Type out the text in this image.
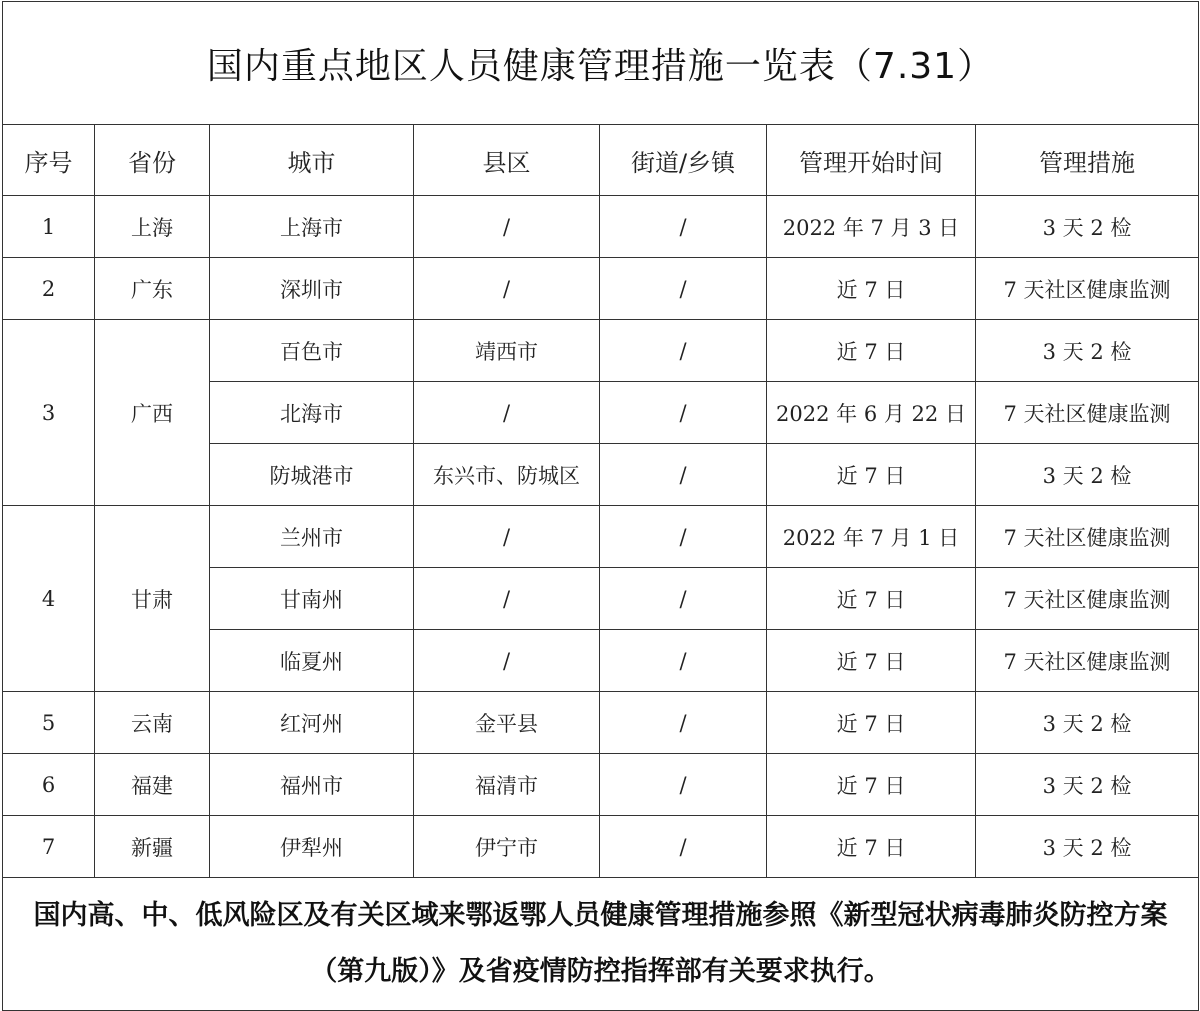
国内重点地区人员健康管理措施一览表（7.31）						
序号	省份	城市	县区	街道/乡镇	管理开始时间	管理措施
1	上海	上海市	/	/	2022 年 7 月 3 日	3 天 2 检
2	广东	深圳市	/	/	近 7 日	7 天社区健康监测
3	广西	百色市	靖西市	/	近 7 日	3 天 2 检
		北海市	/	/	2022 年 6 月 22 日	7 天社区健康监测
		防城港市	东兴市、防城区	/	近 7 日	3 天 2 检
4	甘肃	兰州市	/	/	2022 年 7 月 1 日	7 天社区健康监测
		甘南州	/	/	近 7 日	7 天社区健康监测
		临夏州	/	/	近 7 日	7 天社区健康监测
5	云南	红河州	金平县	/	近 7 日	3 天 2 检
6	福建	福州市	福清市	/	近 7 日	3 天 2 检
7	新疆	伊犁州	伊宁市	/	近 7 日	3 天 2 检
国内高、中、低风险区及有关区域来鄂返鄂人员健康管理措施参照《新型冠状病毒肺炎防控方案（第九版）》及省疫情防控指挥部有关要求执行。						
